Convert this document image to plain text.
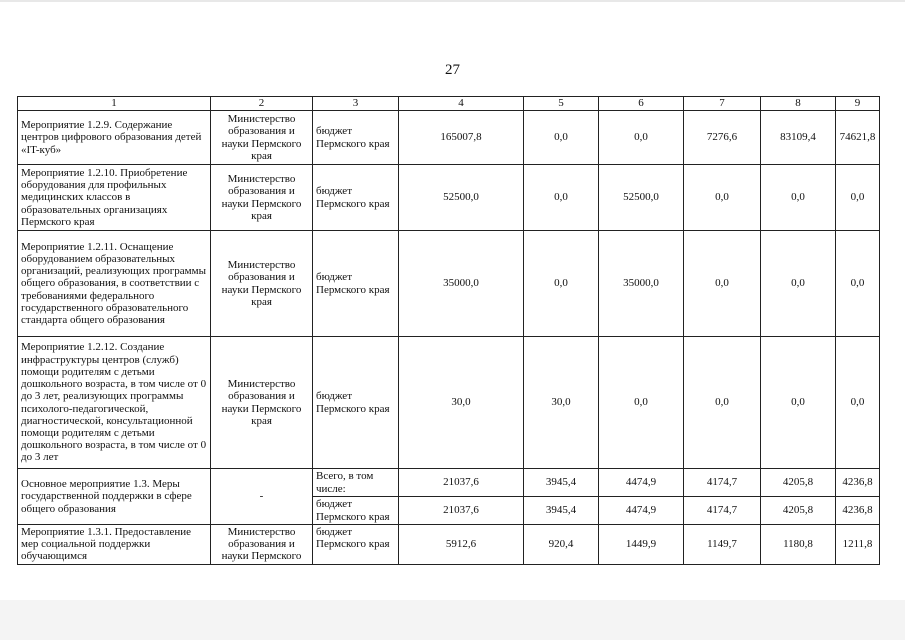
27
1	2	3	4	5	6	7	8	9
Мероприятие 1.2.9. Содержание центров цифрового образования детей «IT-куб»	Министерство образования и науки Пермского края	бюджет Пермского края	165007,8	0,0	0,0	7276,6	83109,4	74621,8
Мероприятие 1.2.10. Приобретение оборудования для профильных медицинских классов в образовательных организациях Пермского края	Министерство образования и науки Пермского края	бюджет Пермского края	52500,0	0,0	52500,0	0,0	0,0	0,0
Мероприятие 1.2.11. Оснащение оборудованием образовательных организаций, реализующих программы общего образования, в соответствии с требованиями федерального государственного образовательного стандарта общего образования	Министерство образования и науки Пермского края	бюджет Пермского края	35000,0	0,0	35000,0	0,0	0,0	0,0
Мероприятие 1.2.12. Создание инфраструктуры центров (служб) помощи родителям с детьми дошкольного возраста, в том числе от 0 до 3 лет, реализующих программы психолого-педагогической, диагностической, консультационной помощи родителям с детьми дошкольного возраста, в том числе от 0 до 3 лет	Министерство образования и науки Пермского края	бюджет Пермского края	30,0	30,0	0,0	0,0	0,0	0,0
Основное мероприятие 1.3. Меры государственной поддержки в сфере общего образования	-	Всего, в том числе:	21037,6	3945,4	4474,9	4174,7	4205,8	4236,8
		бюджет Пермского края	21037,6	3945,4	4474,9	4174,7	4205,8	4236,8
Мероприятие 1.3.1. Предоставление мер социальной поддержки обучающимся	Министерство образования и науки Пермского	бюджет Пермского края	5912,6	920,4	1449,9	1149,7	1180,8	1211,8
